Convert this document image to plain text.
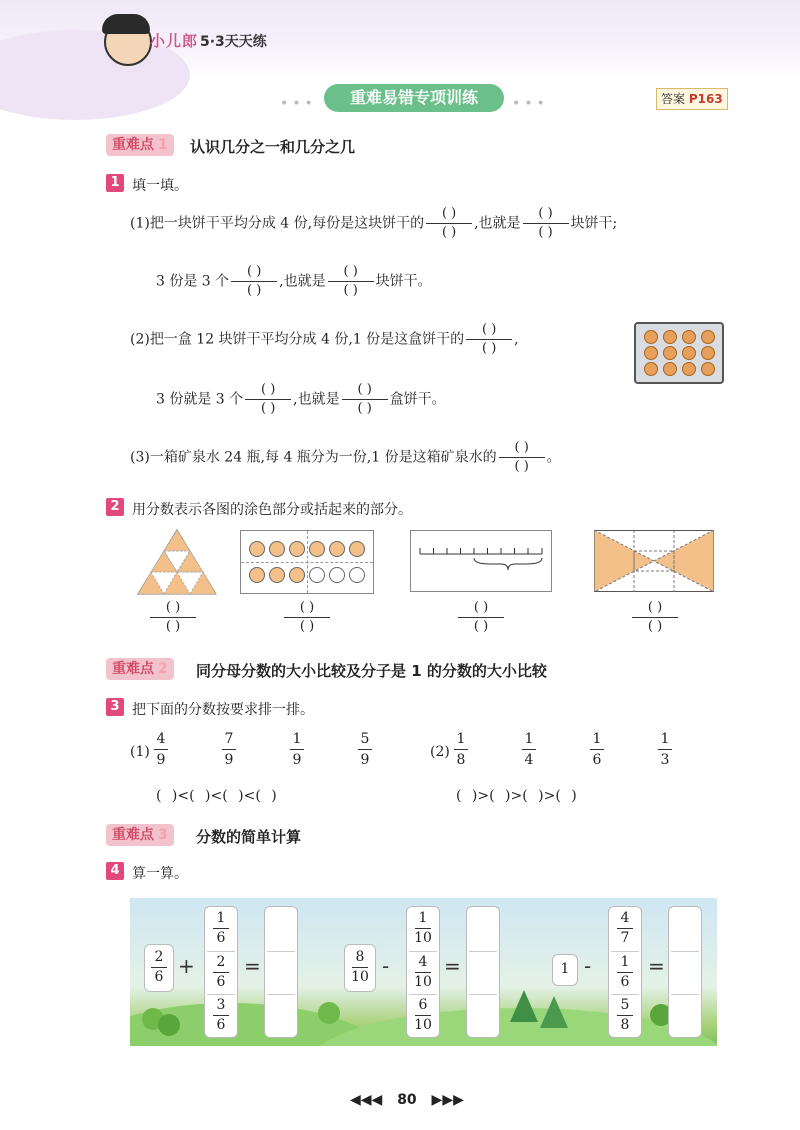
小儿郎 5·3天天练
•••	重难易错专项训练	•••	答案 P163
重难点 1	认识几分之一和几分之几
1 填一填。
(1)把一块饼干平均分成 4 份,每份是这块饼干的 $\frac{( )}{( )}$ ,也就是 $\frac{( )}{( )}$ 块饼干;
3 份是 3 个 $\frac{( )}{( )}$ ,也就是 $\frac{( )}{( )}$ 块饼干。
(2)把一盒 12 块饼干平均分成 4 份,1 份是这盒饼干的 $\frac{( )}{( )}$ ,
3 份就是 3 个 $\frac{( )}{( )}$ ,也就是 $\frac{( )}{( )}$ 盒饼干。
(3)一箱矿泉水 24 瓶,每 4 瓶分为一份,1 份是这箱矿泉水的 $\frac{( )}{( )}$ 。
2 用分数表示各图的涂色部分或括起来的部分。
$\frac{( )}{( )}$	$\frac{( )}{( )}$	$\frac{( )}{( )}$	$\frac{( )}{( )}$
重难点 2	同分母分数的大小比较及分子是 1 的分数的大小比较
3 把下面的分数按要求排一排。
(1)
4
9
7
9
1
9
5
9	(2)
1
8
1
4
1
6
1
3
( )<( )<( )<( )	( )>( )>( )>( )
重难点 3	分数的简单计算
4 算一算。
2
6 +
1
6
2
6
3
6
=	8
10 -
1
10
4
10
6
10
=	1 -
4
7
1
6
5
8
=
◀◀◀ 80 ▶▶▶
